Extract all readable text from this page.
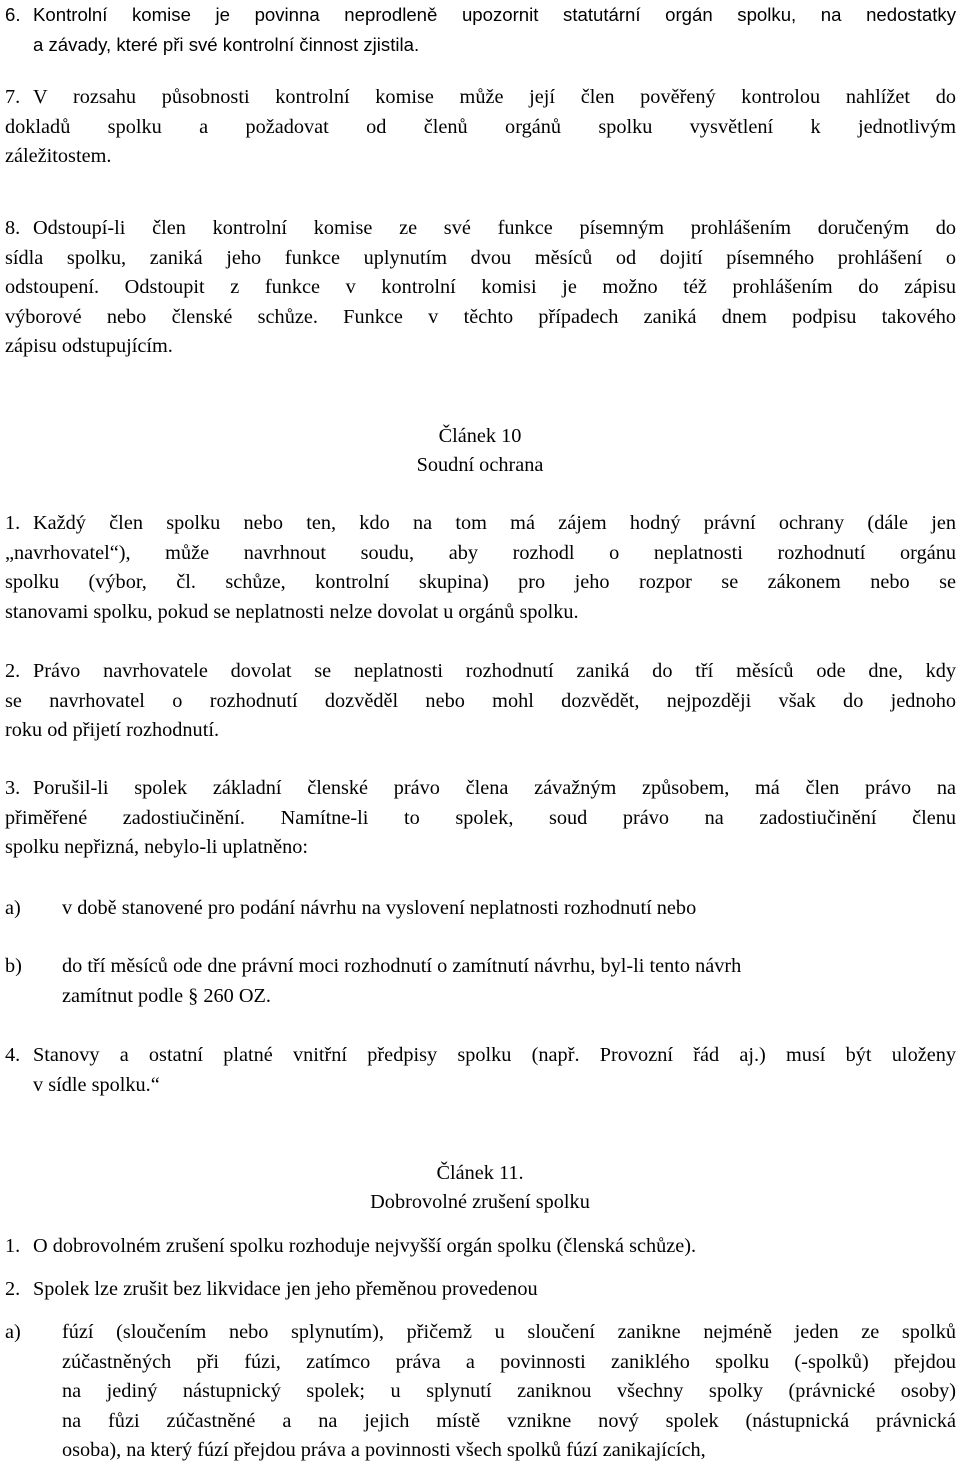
6. Kontrolní komise je povinna neprodleně upozornit statutární orgán spolku, na nedostatky
a závady, které při své kontrolní činnost zjistila.
7. V rozsahu působnosti kontrolní komise může její člen pověřený kontrolou nahlížet do
dokladů spolku a požadovat od členů orgánů spolku vysvětlení k jednotlivým
záležitostem.
8. Odstoupí-li člen kontrolní komise ze své funkce písemným prohlášením doručeným do
sídla spolku, zaniká jeho funkce uplynutím dvou měsíců od dojití písemného prohlášení o
odstoupení. Odstoupit z funkce v kontrolní komisi je možno též prohlášením do zápisu
výborové nebo členské schůze. Funkce v těchto případech zaniká dnem podpisu takového
zápisu odstupujícím.
Článek 10
Soudní ochrana
1. Každý člen spolku nebo ten, kdo na tom má zájem hodný právní ochrany (dále jen
„navrhovatel“), může navrhnout soudu, aby rozhodl o neplatnosti rozhodnutí orgánu
spolku (výbor, čl. schůze, kontrolní skupina) pro jeho rozpor se zákonem nebo se
stanovami spolku, pokud se neplatnosti nelze dovolat u orgánů spolku.
2. Právo navrhovatele dovolat se neplatnosti rozhodnutí zaniká do tří měsíců ode dne, kdy
se navrhovatel o rozhodnutí dozvěděl nebo mohl dozvědět, nejpozději však do jednoho
roku od přijetí rozhodnutí.
3. Porušil-li spolek základní členské právo člena závažným způsobem, má člen právo na
přiměřené zadostiučinění. Namítne-li to spolek, soud právo na zadostiučinění členu
spolku nepřizná, nebylo-li uplatněno:
a)	v době stanovené pro podání návrhu na vyslovení neplatnosti rozhodnutí nebo
b)	do tří měsíců ode dne právní moci rozhodnutí o zamítnutí návrhu, byl-li tento návrh
zamítnut podle § 260 OZ.
4. Stanovy a ostatní platné vnitřní předpisy spolku (např. Provozní řád aj.) musí být uloženy
v sídle spolku.“
Článek 11.
Dobrovolné zrušení spolku
1. O dobrovolném zrušení spolku rozhoduje nejvyšší orgán spolku (členská schůze).
2. Spolek lze zrušit bez likvidace jen jeho přeměnou provedenou
a)	fúzí (sloučením nebo splynutím), přičemž u sloučení zanikne nejméně jeden ze spolků
zúčastněných při fúzi, zatímco práva a povinnosti zaniklého spolku (-spolků) přejdou
na jediný nástupnický spolek; u splynutí zaniknou všechny spolky (právnické osoby)
na fůzi zúčastněné a na jejich místě vznikne nový spolek (nástupnická právnická
osoba), na který fúzí přejdou práva a povinnosti všech spolků fúzí zanikajících,
